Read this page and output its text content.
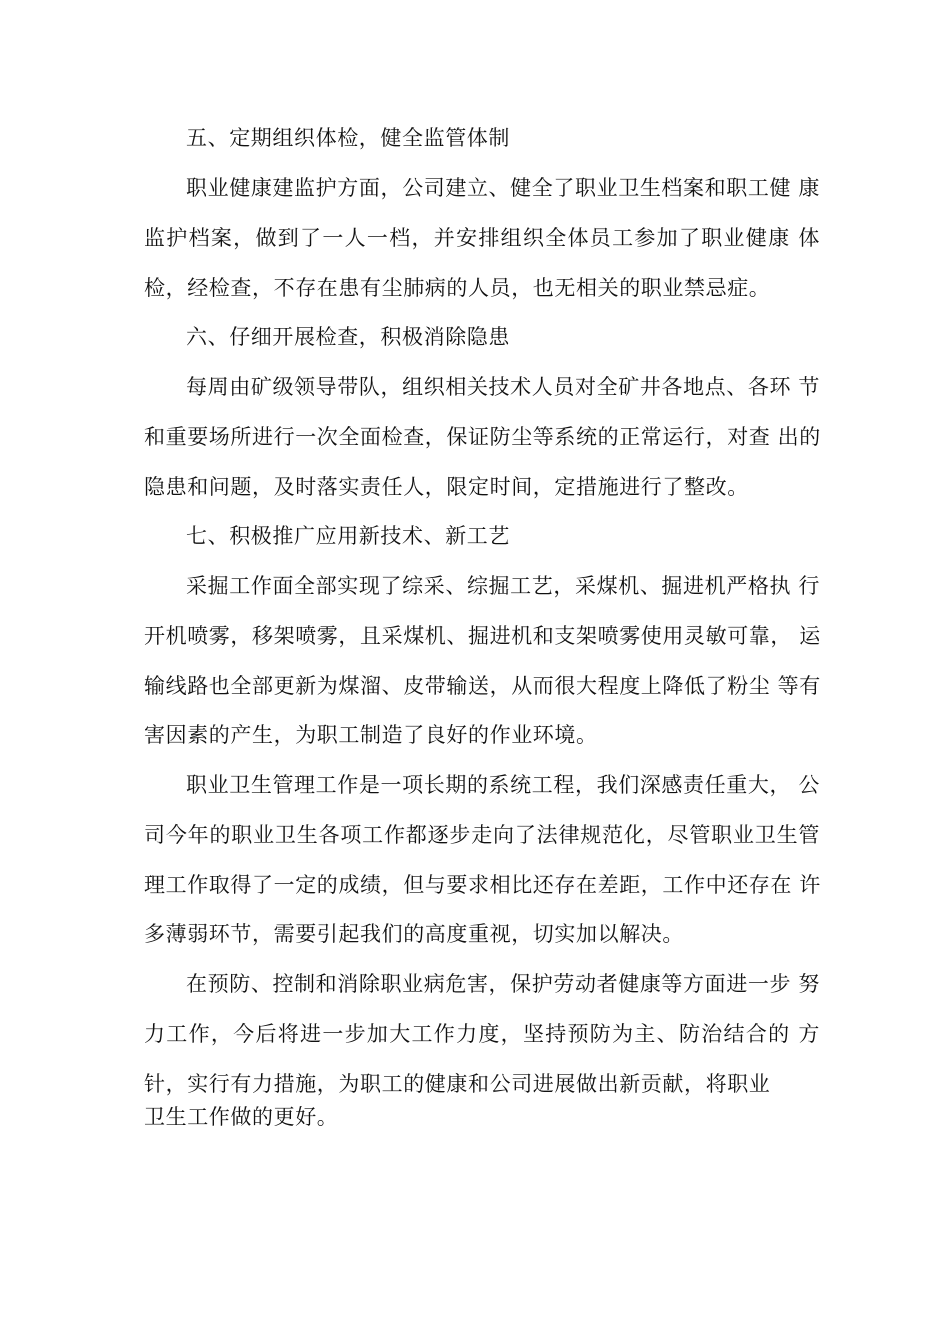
五、定期组织体检，健全监管体制
职业健康建监护方面，公司建立、健全了职业卫生档案和职工健 康
监护档案，做到了一人一档，并安排组织全体员工参加了职业健康 体
检，经检查，不存在患有尘肺病的人员，也无相关的职业禁忌症。
六、仔细开展检查，积极消除隐患
每周由矿级领导带队，组织相关技术人员对全矿井各地点、各环 节
和重要场所进行一次全面检查，保证防尘等系统的正常运行，对查 出的
隐患和问题，及时落实责任人，限定时间，定措施进行了整改。
七、积极推广应用新技术、新工艺
采掘工作面全部实现了综采、综掘工艺，采煤机、掘进机严格执 行
开机喷雾，移架喷雾，且采煤机、掘进机和支架喷雾使用灵敏可靠， 运
输线路也全部更新为煤溜、皮带输送，从而很大程度上降低了粉尘 等有
害因素的产生，为职工制造了良好的作业环境。
职业卫生管理工作是一项长期的系统工程，我们深感责任重大， 公
司今年的职业卫生各项工作都逐步走向了法律规范化，尽管职业卫生管
理工作取得了一定的成绩，但与要求相比还存在差距，工作中还存在 许
多薄弱环节，需要引起我们的高度重视，切实加以解决。
在预防、控制和消除职业病危害，保护劳动者健康等方面进一步 努
力工作，今后将进一步加大工作力度，坚持预防为主、防治结合的 方
针，实行有力措施，为职工的健康和公司进展做出新贡献，将职业
卫生工作做的更好。
